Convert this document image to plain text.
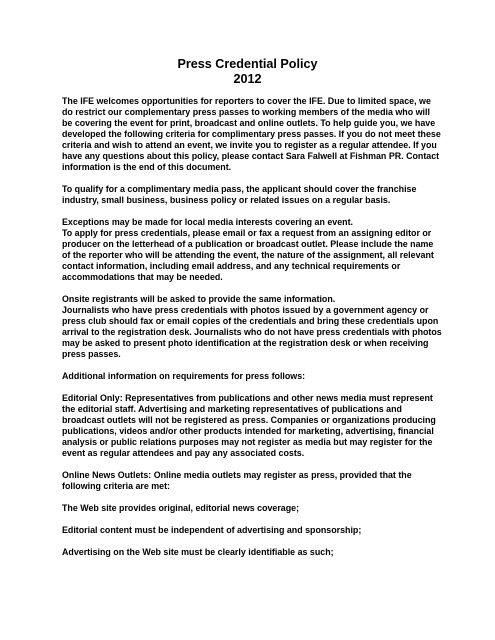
Press Credential Policy
2012

The IFE welcomes opportunities for reporters to cover the IFE. Due to limited space, we do restrict our complementary press passes to working members of the media who will be covering the event for print, broadcast and online outlets. To help guide you, we have developed the following criteria for complimentary press passes. If you do not meet these criteria and wish to attend an event, we invite you to register as a regular attendee. If you have any questions about this policy, please contact Sara Falwell at Fishman PR. Contact information is the end of this document.

To qualify for a complimentary media pass, the applicant should cover the franchise industry, small business, business policy or related issues on a regular basis.

Exceptions may be made for local media interests covering an event.

To apply for press credentials, please email or fax a request from an assigning editor or producer on the letterhead of a publication or broadcast outlet. Please include the name of the reporter who will be attending the event, the nature of the assignment, all relevant contact information, including email address, and any technical requirements or accommodations that may be needed.

Onsite registrants will be asked to provide the same information.

Journalists who have press credentials with photos issued by a government agency or press club should fax or email copies of the credentials and bring these credentials upon arrival to the registration desk. Journalists who do not have press credentials with photos may be asked to present photo identification at the registration desk or when receiving press passes.

Additional information on requirements for press follows:

Editorial Only: Representatives from publications and other news media must represent the editorial staff. Advertising and marketing representatives of publications and broadcast outlets will not be registered as press. Companies or organizations producing publications, videos and/or other products intended for marketing, advertising, financial analysis or public relations purposes may not register as media but may register for the event as regular attendees and pay any associated costs.

Online News Outlets: Online media outlets may register as press, provided that the following criteria are met:

The Web site provides original, editorial news coverage;

Editorial content must be independent of advertising and sponsorship;

Advertising on the Web site must be clearly identifiable as such;
